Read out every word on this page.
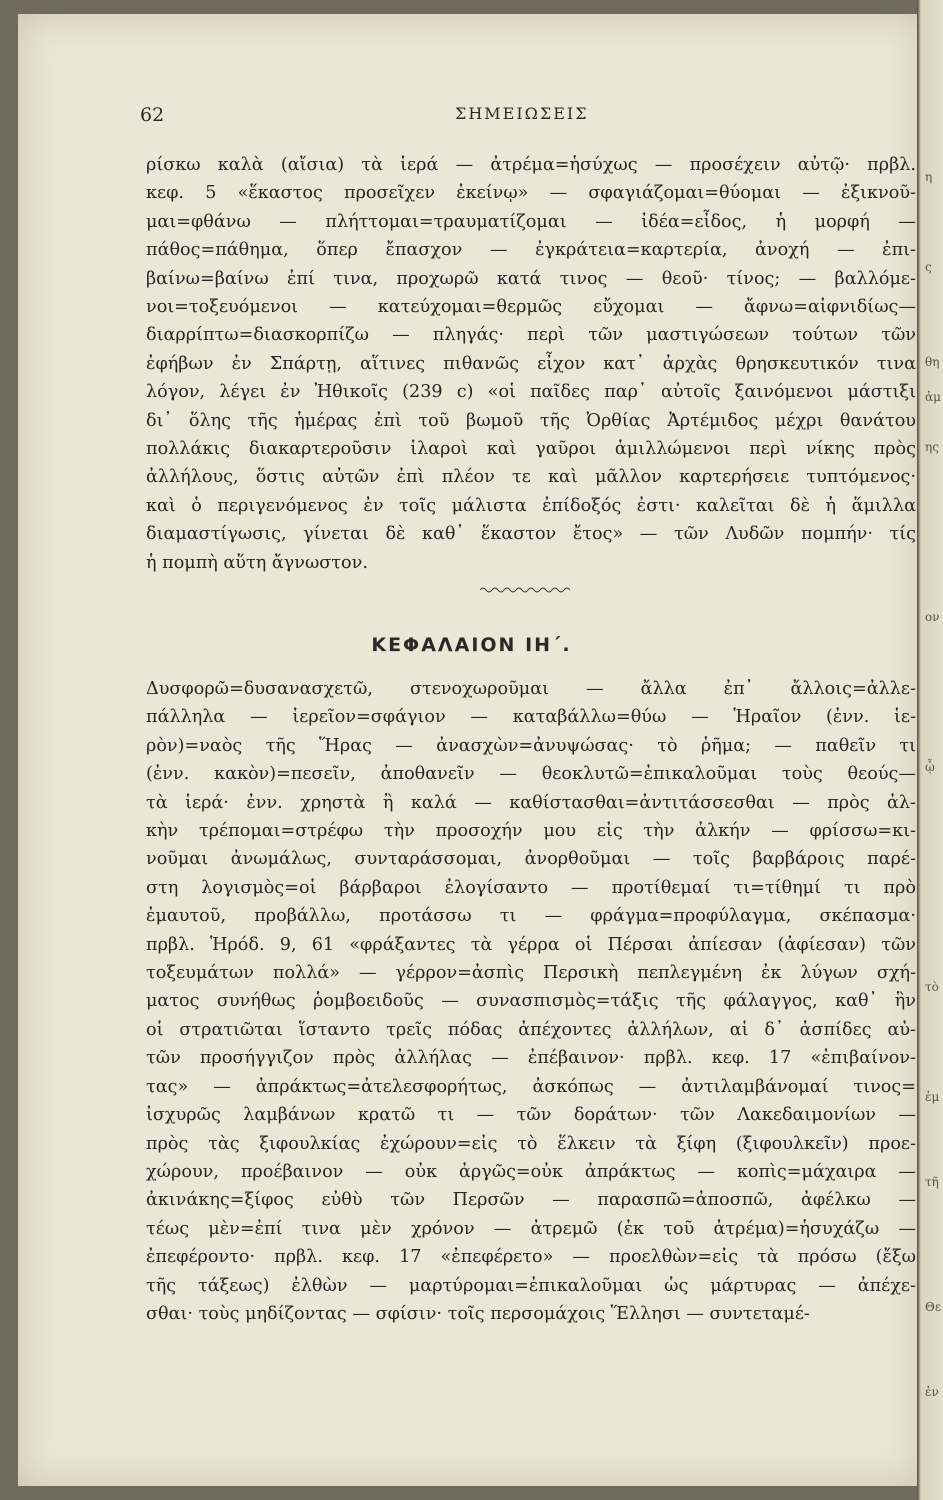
η
ς
ἀμ
θη
ης
ον
ᾧ
τὸ
ἐμ
τῆ
Θε
ἐν
62	ΣΗΜΕΙΩΣΕΙΣ
ρίσκω καλὰ (αἴσια) τὰ ἱερά — ἀτρέμα=ἡσύχως — προσέχειν αὐτῷ· πρβλ.
κεφ. 5 «ἕκαστος προσεῖχεν ἐκείνῳ» — σφαγιάζομαι=θύομαι — ἐξικνοῦ-
μαι=φθάνω — πλήττομαι=τραυματίζομαι — ἰδέα=εἶδος, ἡ μορφή —
πάθος=πάθημα, ὅπερ ἔπασχον — ἐγκράτεια=καρτερία, ἀνοχή — ἐπι-
βαίνω=βαίνω ἐπί τινα, προχωρῶ κατά τινος — θεοῦ· τίνος; — βαλλόμε-
νοι=τοξευόμενοι — κατεύχομαι=θερμῶς εὔχομαι — ἄφνω=αἰφνιδίως—
διαρρίπτω=διασκορπίζω — πληγάς· περὶ τῶν μαστιγώσεων τούτων τῶν
ἐφήβων ἐν Σπάρτῃ, αἵτινες πιθανῶς εἶχον κατ᾿ ἀρχὰς θρησκευτικόν τινα
λόγον, λέγει ἐν Ἠθικοῖς (239 c) «οἱ παῖδες παρ᾿ αὐτοῖς ξαινόμενοι μάστιξι
δι᾿ ὅλης τῆς ἡμέρας ἐπὶ τοῦ βωμοῦ τῆς Ὀρθίας Ἀρτέμιδος μέχρι θανάτου
πολλάκις διακαρτεροῦσιν ἱλαροὶ καὶ γαῦροι ἁμιλλώμενοι περὶ νίκης πρὸς
ἀλλήλους, ὅστις αὐτῶν ἐπὶ πλέον τε καὶ μᾶλλον καρτερήσειε τυπτόμενος·
καὶ ὁ περιγενόμενος ἐν τοῖς μάλιστα ἐπίδοξός ἐστι· καλεῖται δὲ ἡ ἅμιλλα
διαμαστίγωσις, γίνεται δὲ καθ᾿ ἕκαστον ἔτος» — τῶν Λυδῶν πομπήν· τίς
ἡ πομπὴ αὕτη ἄγνωστον.
ΚΕΦΑΛΑΙΟΝ ΙΗ΄.
Δυσφορῶ=δυσανασχετῶ, στενοχωροῦμαι — ἄλλα ἐπ᾿ ἄλλοις=ἀλλε-
πάλληλα — ἱερεῖον=σφάγιον — καταβάλλω=θύω — Ἡραῖον (ἐνν. ἱε-
ρὸν)=ναὸς τῆς Ἥρας — ἀνασχὼν=ἀνυψώσας· τὸ ῥῆμα; — παθεῖν τι
(ἐνν. κακὸν)=πεσεῖν, ἀποθανεῖν — θεοκλυτῶ=ἐπικαλοῦμαι τοὺς θεούς—
τὰ ἱερά· ἐνν. χρηστὰ ἢ καλά — καθίστασθαι=ἀντιτάσσεσθαι — πρὸς ἀλ-
κὴν τρέπομαι=στρέφω τὴν προσοχήν μου εἰς τὴν ἀλκήν — φρίσσω=κι-
νοῦμαι ἀνωμάλως, συνταράσσομαι, ἀνορθοῦμαι — τοῖς βαρβάροις παρέ-
στη λογισμὸς=οἱ βάρβαροι ἐλογίσαντο — προτίθεμαί τι=τίθημί τι πρὸ
ἐμαυτοῦ, προβάλλω, προτάσσω τι — φράγμα=προφύλαγμα, σκέπασμα·
πρβλ. Ἡρόδ. 9, 61 «φράξαντες τὰ γέρρα οἱ Πέρσαι ἀπίεσαν (ἀφίεσαν) τῶν
τοξευμάτων πολλά» — γέρρον=ἀσπὶς Περσικὴ πεπλεγμένη ἐκ λύγων σχή-
ματος συνήθως ῥομβοειδοῦς — συνασπισμὸς=τάξις τῆς φάλαγγος, καθ᾿ ἣν
οἱ στρατιῶται ἵσταντο τρεῖς πόδας ἀπέχοντες ἀλλήλων, αἱ δ᾿ ἀσπίδες αὐ-
τῶν προσήγγιζον πρὸς ἀλλήλας — ἐπέβαινον· πρβλ. κεφ. 17 «ἐπιβαίνον-
τας» — ἀπράκτως=ἀτελεσφορήτως, ἀσκόπως — ἀντιλαμβάνομαί τινος=
ἰσχυρῶς λαμβάνων κρατῶ τι — τῶν δοράτων· τῶν Λακεδαιμονίων —
πρὸς τὰς ξιφουλκίας ἐχώρουν=εἰς τὸ ἕλκειν τὰ ξίφη (ξιφουλκεῖν) προε-
χώρουν, προέβαινον — οὐκ ἀργῶς=οὐκ ἀπράκτως — κοπὶς=μάχαιρα —
ἀκινάκης=ξίφος εὐθὺ τῶν Περσῶν — παρασπῶ=ἀποσπῶ, ἀφέλκω —
τέως μὲν=ἐπί τινα μὲν χρόνον — ἀτρεμῶ (ἐκ τοῦ ἀτρέμα)=ἡσυχάζω —
ἐπεφέροντο· πρβλ. κεφ. 17 «ἐπεφέρετο» — προελθὼν=εἰς τὰ πρόσω (ἔξω
τῆς τάξεως) ἐλθὼν — μαρτύρομαι=ἐπικαλοῦμαι ὡς μάρτυρας — ἀπέχε-
σθαι· τοὺς μηδίζοντας — σφίσιν· τοῖς περσομάχοις Ἕλλησι — συντεταμέ-
